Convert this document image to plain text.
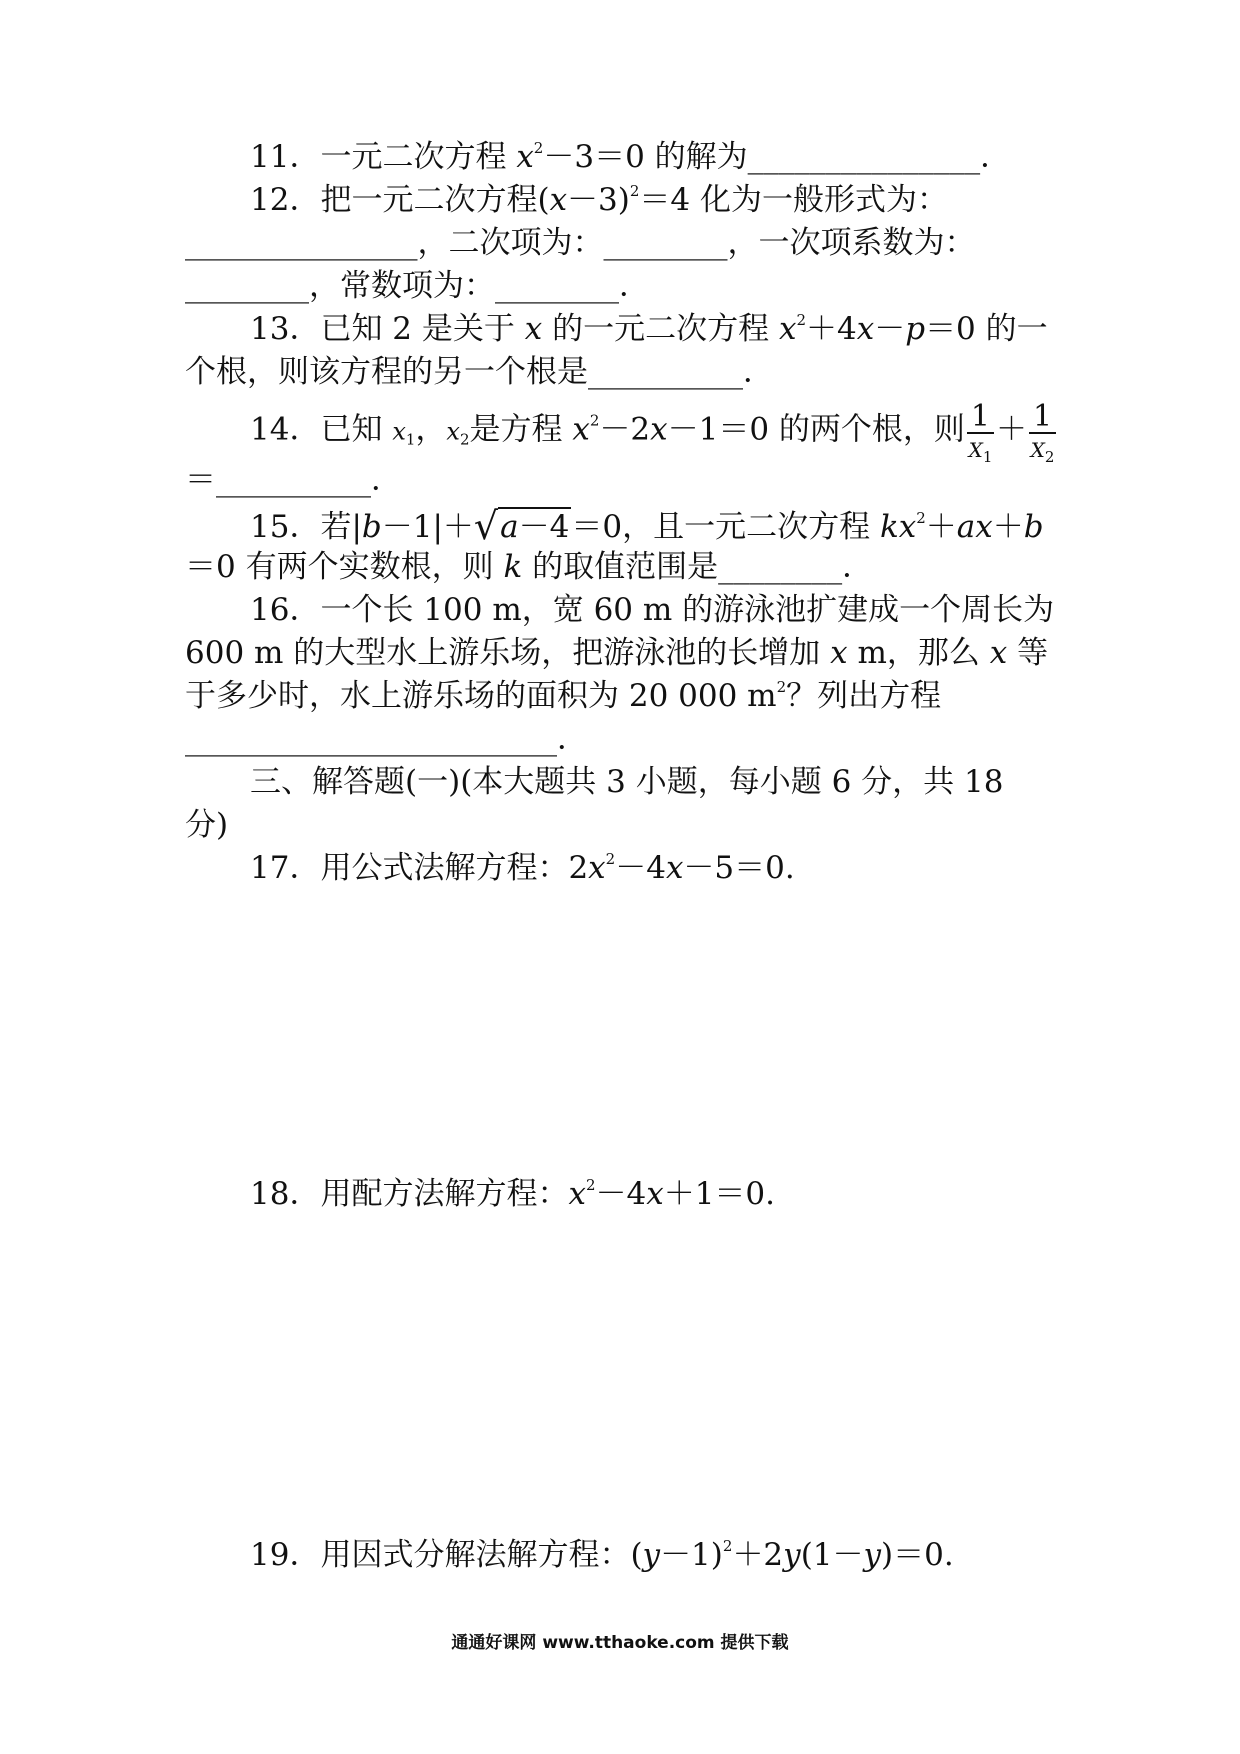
11．一元二次方程 $x^2-3=0$ 的解为_______________．
12．把一元二次方程$(x-3)^2=4$ 化为一般形式为：
_______________，二次项为：________，一次项系数为：
________，常数项为：________．
13．已知 2 是关于 x 的一元二次方程 $x^2+4x-p=0$ 的一
个根，则该方程的另一个根是__________．
14．已知 $x_1$，$x_2$是方程 $x^2-2x-1=0$ 的两个根，则 $\frac{1}{X_1} + \frac{1}{X_2}$
＝__________．
15．若|b－1|＋√a－4＝0，且一元二次方程 $kx^2+ax+b$
＝0 有两个实数根，则 k 的取值范围是________．
16．一个长 100 m，宽 60 m 的游泳池扩建成一个周长为
600 m 的大型水上游乐场，把游泳池的长增加 x m，那么 x 等
于多少时，水上游乐场的面积为 20 000 $m^2$？列出方程
________________________．
三、解答题(一)(本大题共 3 小题，每小题 6 分，共 18
分)
17．用公式法解方程：$2x^2-4x-5=0$.
18．用配方法解方程：$x^2-4x+1=0$.
19．用因式分解法解方程：$(y-1)^2+2y(1-y)=0$.
通通好课网 www.tthaoke.com 提供下载
